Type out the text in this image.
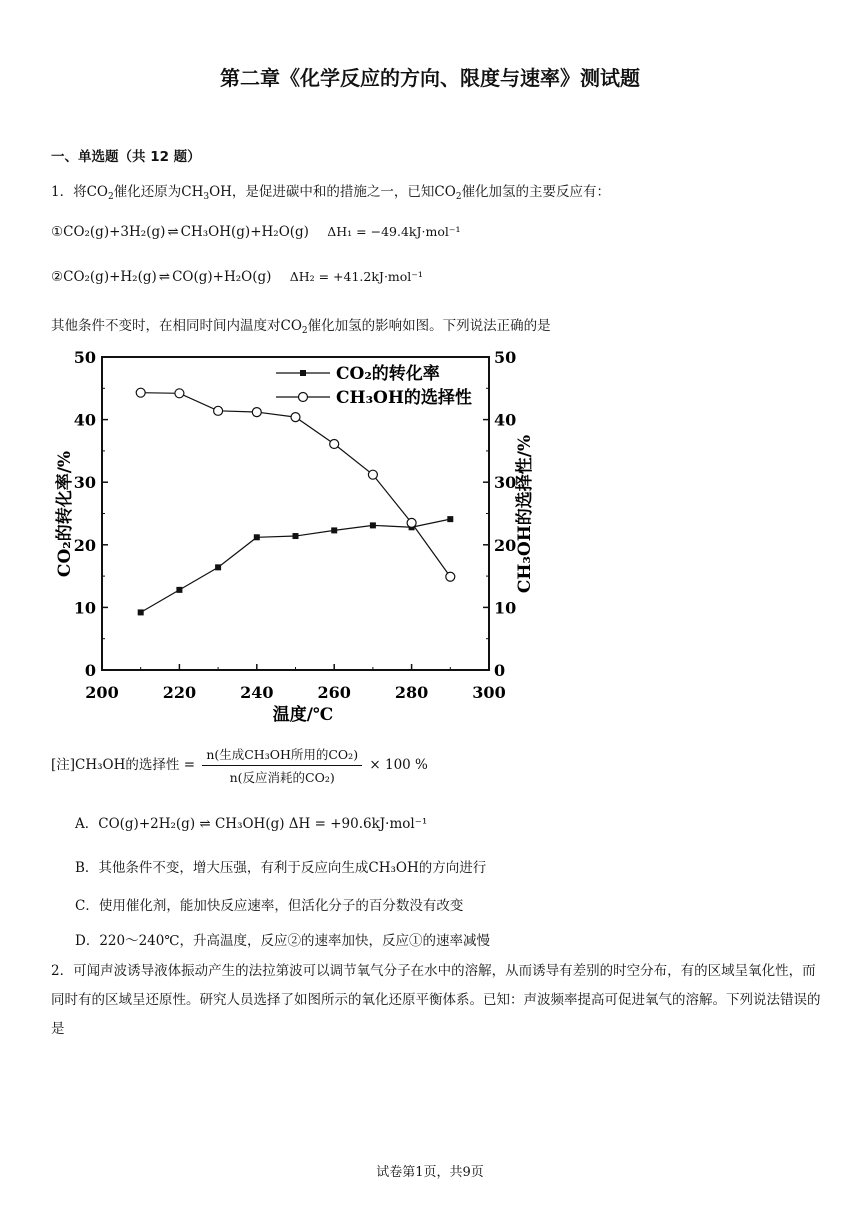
第二章《化学反应的方向、限度与速率》测试题
一、单选题（共 12 题）
1．将$CO_2$催化还原为$CH_3OH$，是促进碳中和的措施之一，已知$CO_2$催化加氢的主要反应有：
①CO₂(g)+3H₂(g) ⇌ CH₃OH(g)+H₂O(g) ΔH₁ = −49.4kJ·mol⁻¹
②CO₂(g)+H₂(g) ⇌ CO(g)+H₂O(g) ΔH₂ = +41.2kJ·mol⁻¹
其他条件不变时，在相同时间内温度对$CO_2$催化加氢的影响如图。下列说法正确的是
0	0
10	10
20	20
30	30
40	40
50	50
200	220	240	260	280	300
CO₂的转化率
CH₃OH的选择性
温度/℃
CO₂的转化率/%	CH₃OH的选择性/%
[注]CH₃OH的选择性 = $\frac{\text{n(生成CH₃OH所用的CO₂)}}{\text{n(反应消耗的CO₂)}} \times 100$ %
A．CO(g)+2H₂(g) ⇌ CH₃OH(g) ΔH = +90.6kJ·mol⁻¹
B．其他条件不变，增大压强，有利于反应向生成CH₃OH的方向进行
C．使用催化剂，能加快反应速率，但活化分子的百分数没有改变
D．220～240℃，升高温度，反应②的速率加快，反应①的速率减慢
2．可闻声波诱导液体振动产生的法拉第波可以调节氧气分子在水中的溶解，从而诱导有差别的时空分布，有的区域呈氧化性，而同时有的区域呈还原性。研究人员选择了如图所示的氧化还原平衡体系。已知：声波频率提高可促进氧气的溶解。下列说法错误的是
试卷第1页，共9页
